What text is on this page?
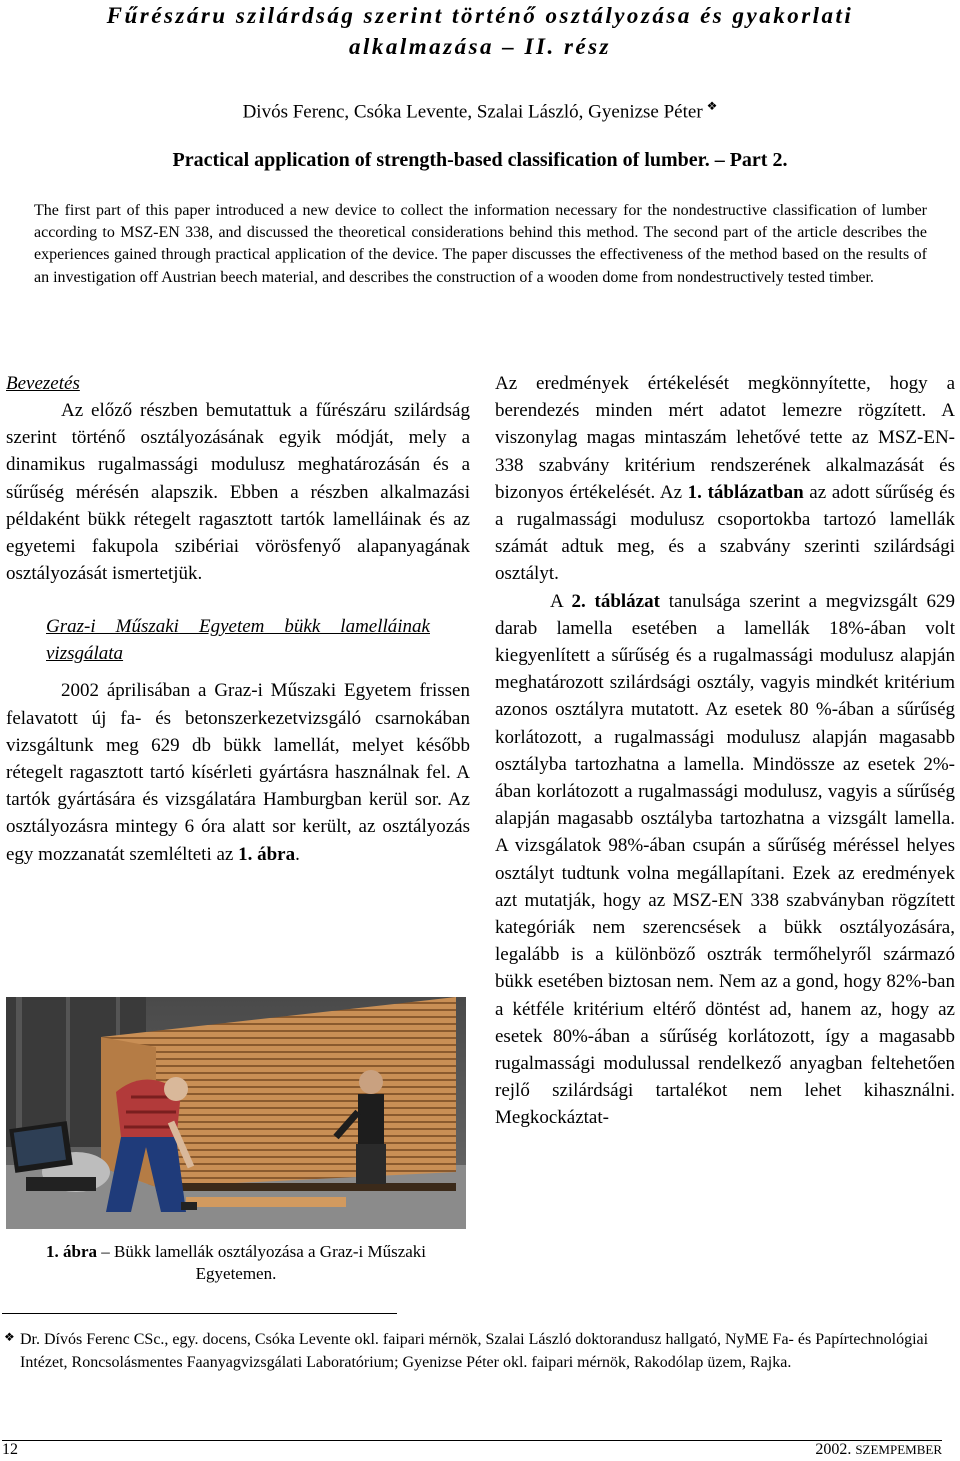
Fűrészáru szilárdság szerint történő osztályozása és gyakorlati
alkalmazása – II. rész
Divós Ferenc, Csóka Levente, Szalai László, Gyenizse Péter ❖
Practical application of strength-based classification of lumber. – Part 2.

The first part of this paper introduced a new device to collect the information necessary for the nondestructive classification of lumber according to MSZ-EN 338, and discussed the theoretical considerations behind this method. The second part of the article describes the experiences gained through practical application of the device. The paper discusses the effectiveness of the method based on the results of an investigation off Austrian beech material, and describes the construction of a wooden dome from nondestructively tested timber.

Bevezetés

Az előző részben bemutattuk a fűrészáru szilárdság szerint történő osztályozásának egyik módját, mely a dinamikus rugalmassági modulusz meghatározásán és a sűrűség mérésén alapszik. Ebben a részben alkalmazási példaként bükk rétegelt ragasztott tartók lamelláinak és az egyetemi fakupola szibériai vörösfenyő alapanyagának osztályozását ismertetjük.

Graz-i Műszaki Egyetem bükk lamelláinak vizsgálata

2002 áprilisában a Graz-i Műszaki Egyetem frissen felavatott új fa- és betonszerkezetvizsgáló csarnokában vizsgáltunk meg 629 db bükk lamellát, melyet később rétegelt ragasztott tartó kísérleti gyártásra használnak fel. A tartók gyártására és vizsgálatára Hamburgban kerül sor. Az osztályozásra mintegy 6 óra alatt sor került, az osztályozás egy mozzanatát szemlélteti az 1. ábra.

1. ábra – Bükk lamellák osztályozása a Graz-i Műszaki Egyetemen.

Az eredmények értékelését megkönnyítette, hogy a berendezés minden mért adatot lemezre rögzített. A viszonylag magas mintaszám lehetővé tette az MSZ-EN-338 szabvány kritérium rendszerének alkalmazását és bizonyos értékelését. Az 1. táblázatban az adott sűrűség és a rugalmassági modulusz csoportokba tartozó lamellák számát adtuk meg, és a szabvány szerinti szilárdsági osztályt.

A 2. táblázat tanulsága szerint a megvizsgált 629 darab lamella esetében a lamellák 18%-ában volt kiegyenlített a sűrűség és a rugalmassági modulusz alapján meghatározott szilárdsági osztály, vagyis mindkét kritérium azonos osztályra mutatott. Az esetek 80 %-ában a sűrűség korlátozott, a rugalmassági modulusz alapján magasabb osztályba tartozhatna a lamella. Mindössze az esetek 2%-ában korlátozott a rugalmassági modulusz, vagyis a sűrűség alapján magasabb osztályba tartozhatna a vizsgált lamella. A vizsgálatok 98%-ában csupán a sűrűség méréssel helyes osztályt tudtunk volna megállapítani. Ezek az eredmények azt mutatják, hogy az MSZ-EN 338 szabványban rögzített kategóriák nem szerencsések a bükk osztályozására, legalább is a különböző osztrák termőhelyről származó bükk esetében biztosan nem. Nem az a gond, hogy 82%-ban a kétféle kritérium eltérő döntést ad, hanem az, hogy az esetek 80%-ában a sűrűség korlátozott, így a magasabb rugalmassági modulussal rendelkező anyagban feltehetően rejlő szilárdsági tartalékot nem lehet kihasználni. Megkockáztat-

❖ Dr. Dívós Ferenc CSc., egy. docens, Csóka Levente okl. faipari mérnök, Szalai László doktorandusz hallgató, NyME Fa- és Papírtechnológiai Intézet, Roncsolásmentes Faanyagvizsgálati Laboratórium; Gyenizse Péter okl. faipari mérnök, Rakodólap üzem, Rajka.

12	2002. SZEMPEMBER
